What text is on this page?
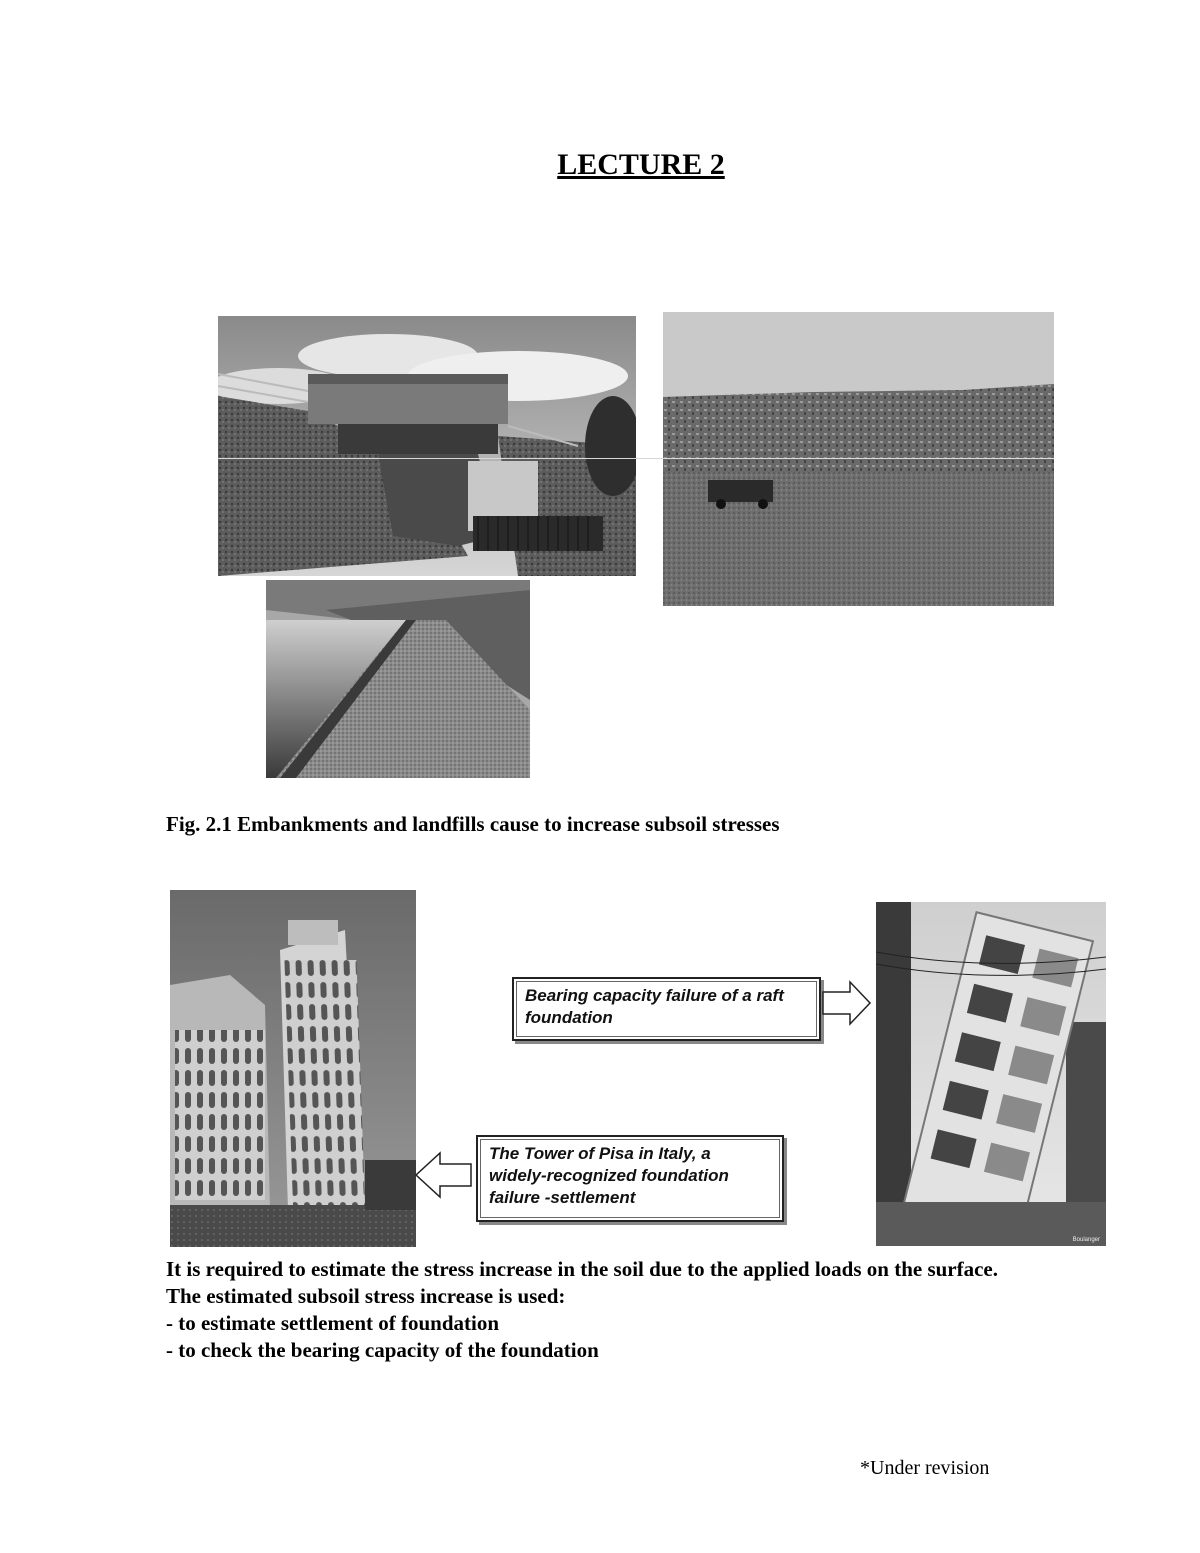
LECTURE 2
Fig. 2.1 Embankments and landfills cause to increase subsoil stresses
Boulanger
Bearing capacity failure of a raft foundation
The Tower of Pisa in Italy, a widely-recognized foundation failure -settlement
It is required to estimate the stress increase in the soil due to the applied loads on the surface.
The estimated subsoil stress increase is used:
- to estimate settlement of foundation
- to check the bearing capacity of the foundation
*Under revision
